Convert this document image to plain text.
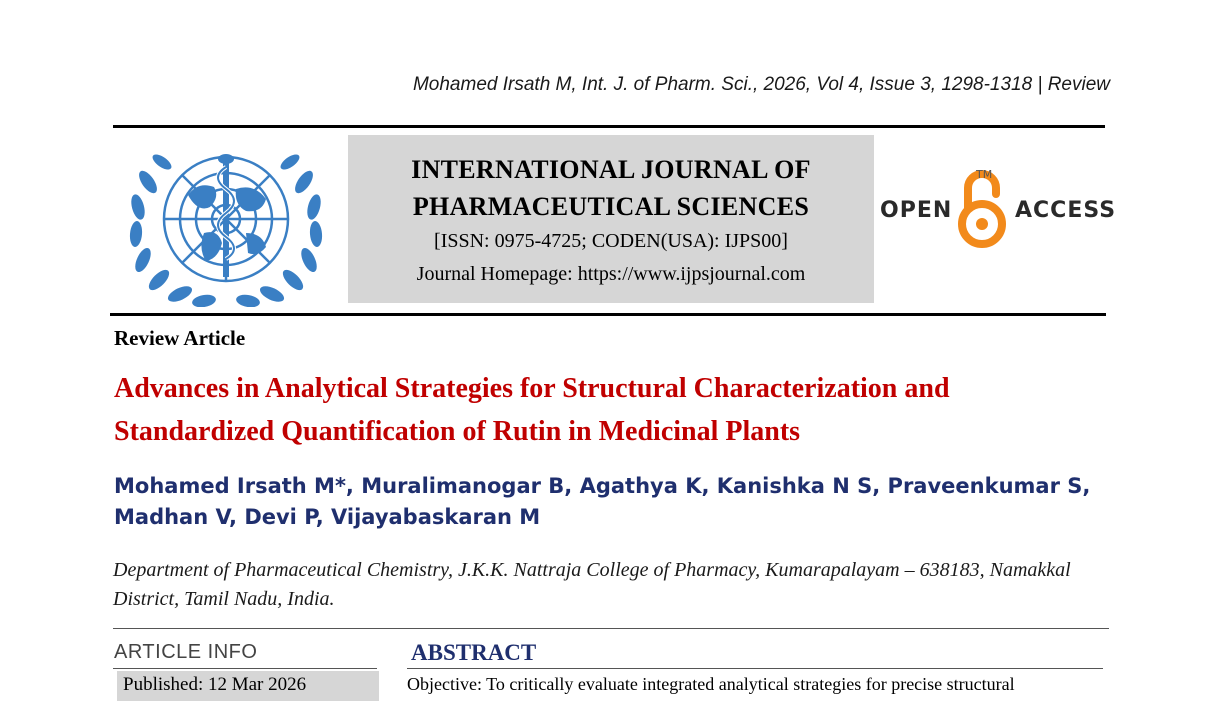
Mohamed Irsath M, Int. J. of Pharm. Sci., 2026, Vol 4, Issue 3, 1298-1318 | Review
INTERNATIONAL JOURNAL OF
PHARMACEUTICAL SCIENCES
[ISSN: 0975-4725; CODEN(USA): IJPS00]
Journal Homepage: https://www.ijpsjournal.com
OPEN
TM
ACCESS
Review Article
Advances in Analytical Strategies for Structural Characterization and Standardized Quantification of Rutin in Medicinal Plants
Mohamed Irsath M*, Muralimanogar B, Agathya K, Kanishka N S, Praveenkumar S, Madhan V, Devi P, Vijayabaskaran M
Department of Pharmaceutical Chemistry, J.K.K. Nattraja College of Pharmacy, Kumarapalayam – 638183, Namakkal District, Tamil Nadu, India.
ARTICLE INFO	ABSTRACT
Published: 12 Mar 2026	Objective: To critically evaluate integrated analytical strategies for precise structural
